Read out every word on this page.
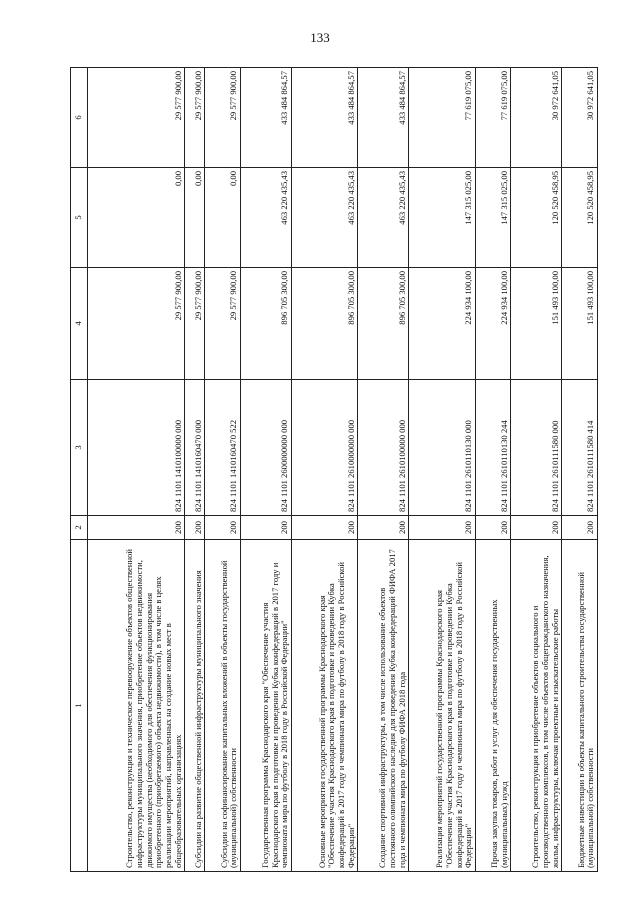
133
1	2	3	4	5	6
Строительство, реконструкция и техническое перевооружение объектов общественной инфраструктуры муниципального значения, приобретение объектов недвижимости, движимого имущества (необходимого для обеспечения функционирования приобретенного (приобретаемого) объекта недвижимости), в том числе в целях реализации мероприятий, направленных на создание новых мест в общеобразовательных организациях	200	824 1101 1410100000 000	29 577 900,00	0,00	29 577 900,00
Субсидии на развитие общественной инфраструктуры муниципального значения	200	824 1101 1410160470 000	29 577 900,00	0,00	29 577 900,00
Субсидии на софинансирование капитальных вложений в объекты государственной (муниципальной) собственности	200	824 1101 1410160470 522	29 577 900,00	0,00	29 577 900,00
Государственная программа Краснодарского края "Обеспечение участия Краснодарского края в подготовке и проведении Кубка конфедераций в 2017 году и чемпионата мира по футболу в 2018 году в Российской Федерации"	200	824 1101 2600000000 000	896 705 300,00	463 220 435,43	433 484 864,57
Основные мероприятия государственной программы Краснодарского края "Обеспечение участия Краснодарского края в подготовке и проведении Кубка конфедераций в 2017 году и чемпионата мира по футболу в 2018 году в Российской Федерации"	200	824 1101 2610000000 000	896 705 300,00	463 220 435,43	433 484 864,57
Создание спортивной инфраструктуры, в том числе использование объектов постоянного олимпийского наследия для проведения Кубка конфедераций ФИФА 2017 года и чемпионата мира по футболу ФИФА 2018 года	200	824 1101 2610100000 000	896 705 300,00	463 220 435,43	433 484 864,57
Реализация мероприятий государственной программы Краснодарского края "Обеспечение участия Краснодарского края в подготовке и проведении Кубка конфедераций в 2017 году и чемпионата мира по футболу в 2018 году в Российской Федерации"	200	824 1101 2610110130 000	224 934 100,00	147 315 025,00	77 619 075,00
Прочая закупка товаров, работ и услуг для обеспечения государственных (муниципальных) нужд	200	824 1101 2610110130 244	224 934 100,00	147 315 025,00	77 619 075,00
Строительство, реконструкция и приобретение объектов социального и производственного комплексов, в том числе объектов общегражданского назначения, жилья, инфраструктуры, включая проектные и изыскательские работы	200	824 1101 2610111580 000	151 493 100,00	120 520 458,95	30 972 641,05
Бюджетные инвестиции в объекты капитального строительства государственной (муниципальной) собственности	200	824 1101 2610111580 414	151 493 100,00	120 520 458,95	30 972 641,05
